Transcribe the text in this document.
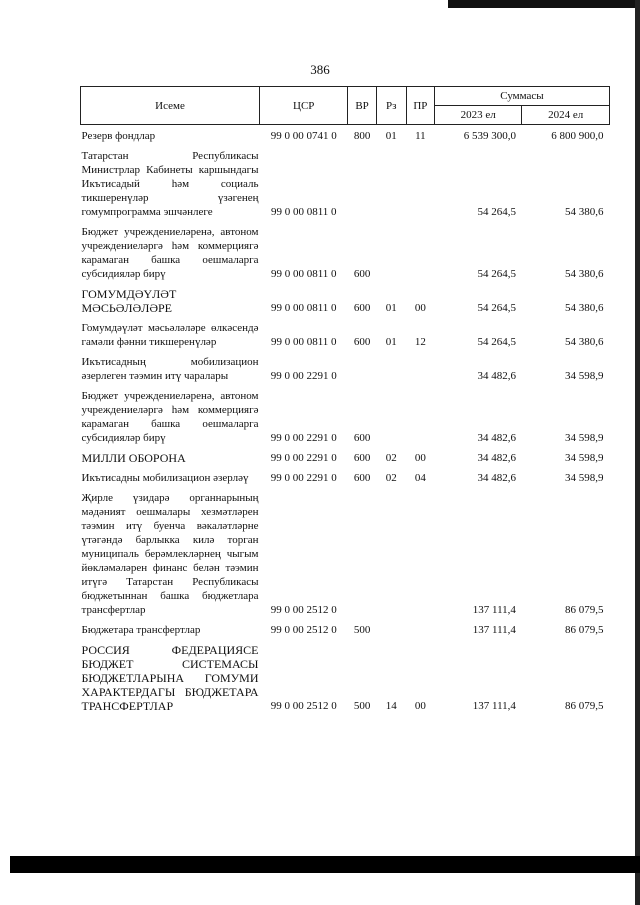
386
Исеме	ЦСР	ВР	Рз	ПР	Суммасы	
					2023 ел	2024 ел

Резерв фондлар	99 0 00 0741 0	800	01	11	6 539 300,0	6 800 900,0

Татарстан Республикасы Министрлар Кабинеты каршындагы Икътисадый һәм социаль тикшеренүләр үзәгенең гомумпрограмма эшчәнлеге	99 0 00 0811 0				54 264,5	54 380,6

Бюджет учреждениеләренә, автоном учреждениеләргә һәм коммерциягә карамаган башка оешмаларга субсидияләр бирү	99 0 00 0811 0	600			54 264,5	54 380,6

ГОМУМДӘҮЛӘТ МӘСЬӘЛӘЛӘРЕ	99 0 00 0811 0	600	01	00	54 264,5	54 380,6

Гомумдәүләт мәсьәләләре өлкәсендә гамәли фәнни тикшеренүләр	99 0 00 0811 0	600	01	12	54 264,5	54 380,6

Икътисадның мобилизацион әзерлеген тәэмин итү чаралары	99 0 00 2291 0				34 482,6	34 598,9

Бюджет учреждениеләренә, автоном учреждениеләргә һәм коммерциягә карамаган башка оешмаларга субсидияләр бирү	99 0 00 2291 0	600			34 482,6	34 598,9

МИЛЛИ ОБОРОНА	99 0 00 2291 0	600	02	00	34 482,6	34 598,9

Икътисадны мобилизацион әзерләү	99 0 00 2291 0	600	02	04	34 482,6	34 598,9

Җирле үзидарә органнарының мәдәният оешмалары хезмәтләрен тәэмин итү буенча вәкаләтләрне үтәгәндә барлыкка килә торган муниципаль берәмлекләрнең чыгым йөкләмәләрен финанс белән тәэмин итүгә Татарстан Республикасы бюджетыннан башка бюджетлара трансфертлар	99 0 00 2512 0				137 111,4	86 079,5

Бюджетара трансфертлар	99 0 00 2512 0	500			137 111,4	86 079,5

РОССИЯ ФЕДЕРАЦИЯСЕ БЮДЖЕТ СИСТЕМАСЫ БЮДЖЕТЛАРЫНА ГОМУМИ ХАРАКТЕРДАГЫ БЮДЖЕТАРА ТРАНСФЕРТЛАР	99 0 00 2512 0	500	14	00	137 111,4	86 079,5
